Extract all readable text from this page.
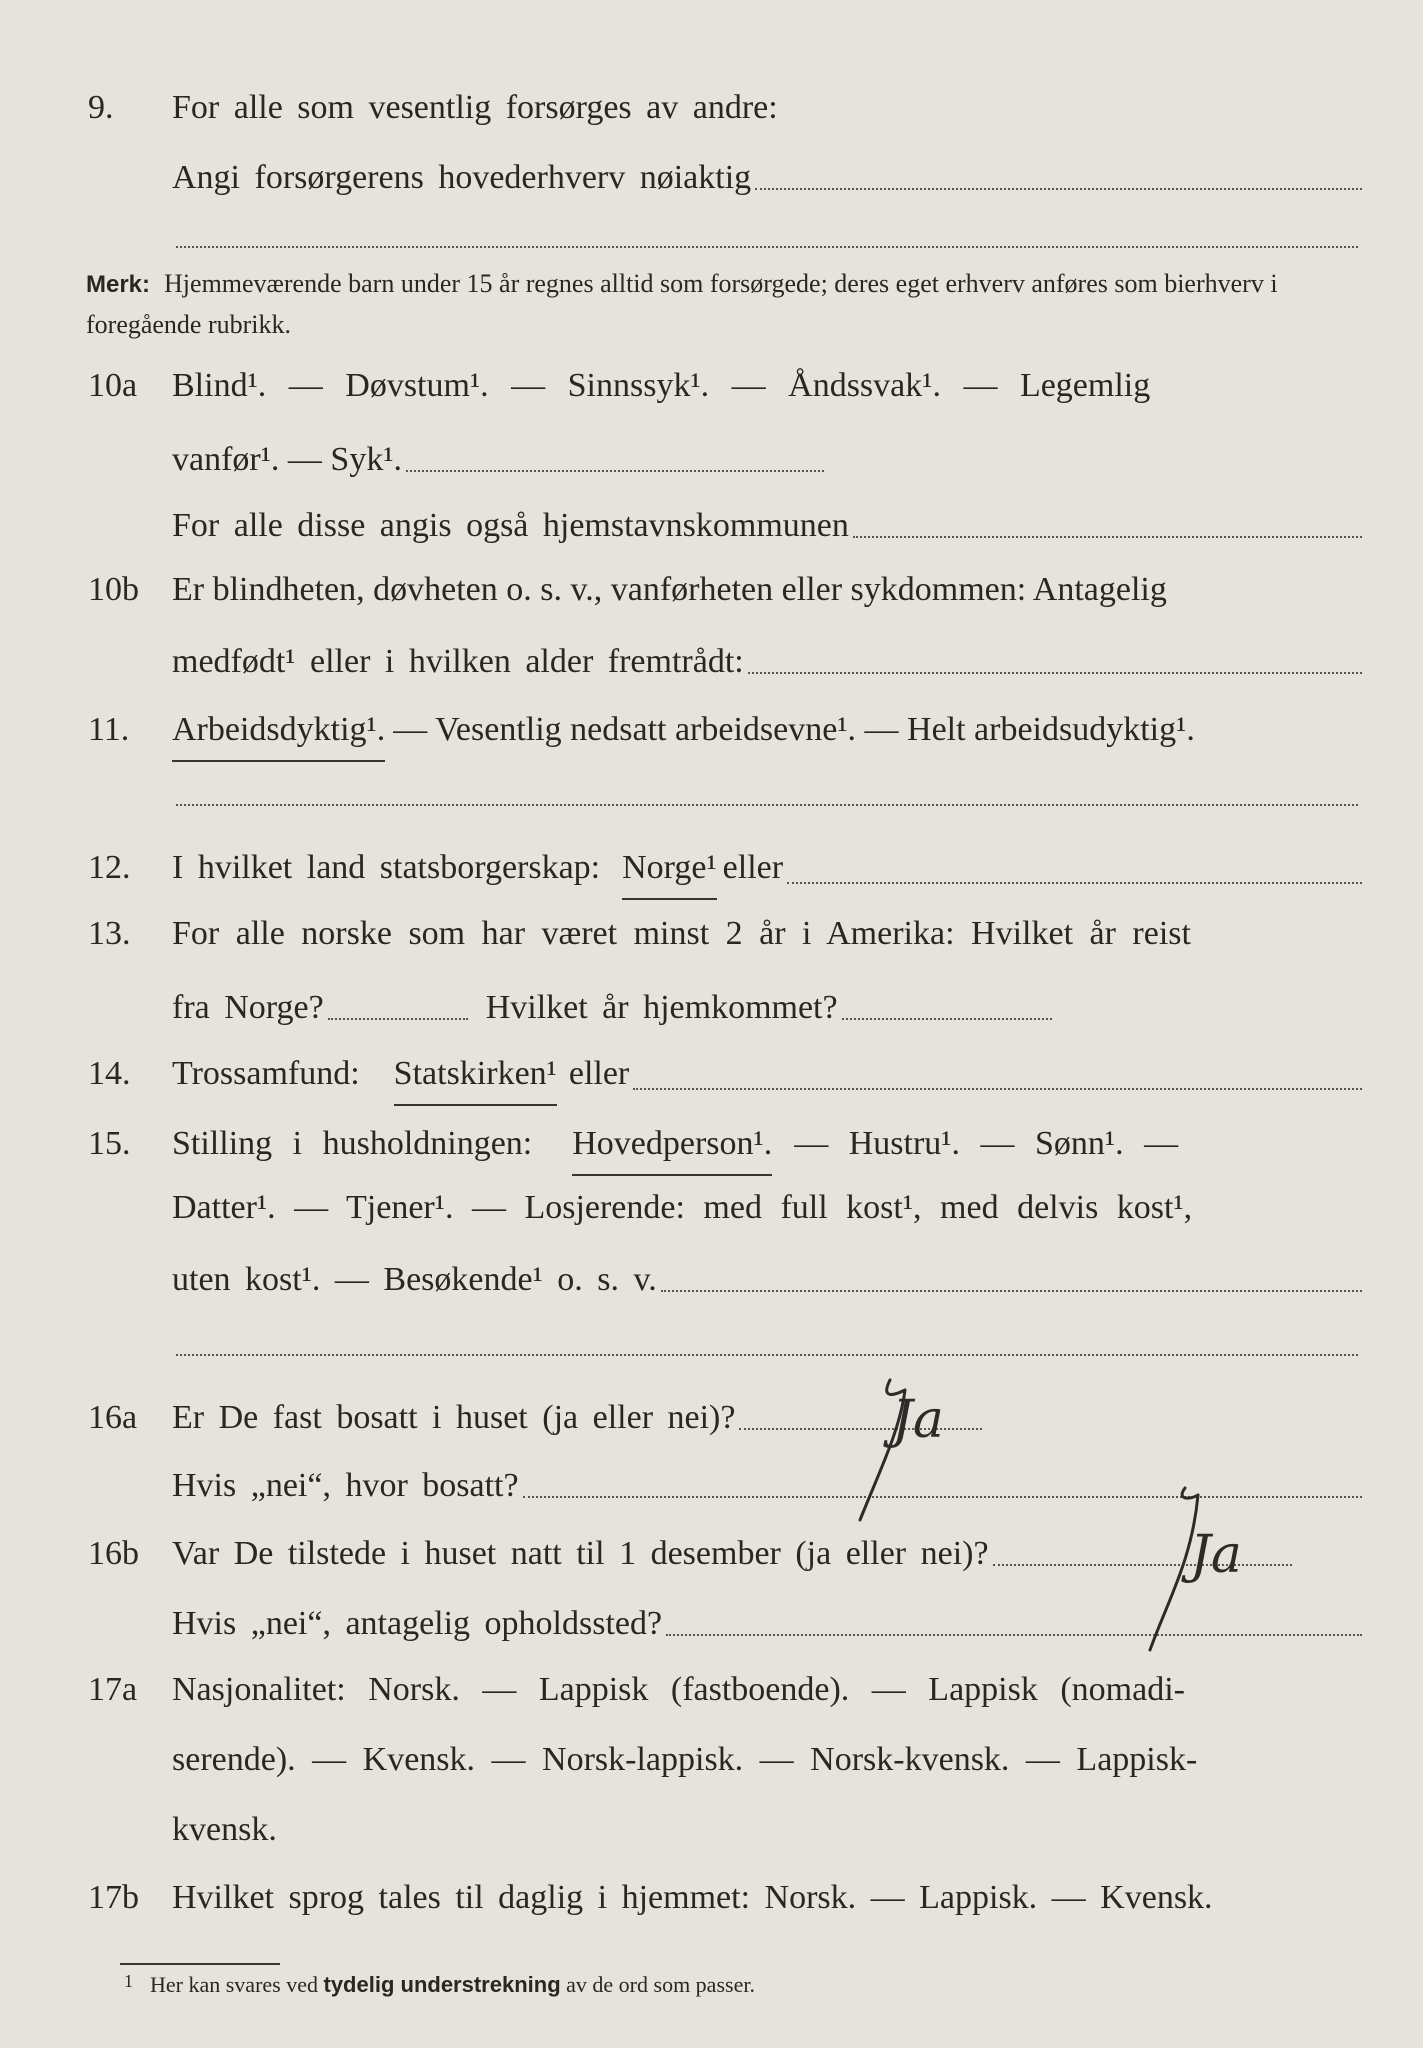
9. For alle som vesentlig forsørges av andre:
Angi forsørgerens hovederhverv nøiaktig
Merk: Hjemmeværende barn under 15 år regnes alltid som forsørgede; deres eget erhverv anføres som bierhverv i foregående rubrikk.
10a Blind¹. — Døvstum¹. — Sinnssyk¹. — Åndssvak¹. — Legemlig
vanfør¹. — Syk¹.
For alle disse angis også hjemstavnskommunen
10b Er blindheten, døvheten o. s. v., vanførheten eller sykdommen: Antagelig
medfødt¹ eller i hvilken alder fremtrådt:
11. Arbeidsdyktig¹. — Vesentlig nedsatt arbeidsevne¹. — Helt arbeidsudyktig¹.
12. I hvilket land statsborgerskap: Norge¹ eller
13. For alle norske som har været minst 2 år i Amerika: Hvilket år reist
fra Norge?	Hvilket år hjemkommet?
14. Trossamfund: Statskirken¹ eller
15. Stilling i husholdningen: Hovedperson¹. — Hustru¹. — Sønn¹. —
Datter¹. — Tjener¹. — Losjerende: med full kost¹, med delvis kost¹,
uten kost¹. — Besøkende¹ o. s. v.
16a Er De fast bosatt i huset (ja eller nei)?
Hvis „nei“, hvor bosatt?
16b Var De tilstede i huset natt til 1 desember (ja eller nei)?
Hvis „nei“, antagelig opholdssted?
Ja
Ja
17a Nasjonalitet: Norsk. — Lappisk (fastboende). — Lappisk (nomadi-
serende). — Kvensk. — Norsk-lappisk. — Norsk-kvensk. — Lappisk-
kvensk.
17b Hvilket sprog tales til daglig i hjemmet: Norsk. — Lappisk. — Kvensk.
1 Her kan svares ved tydelig understrekning av de ord som passer.
